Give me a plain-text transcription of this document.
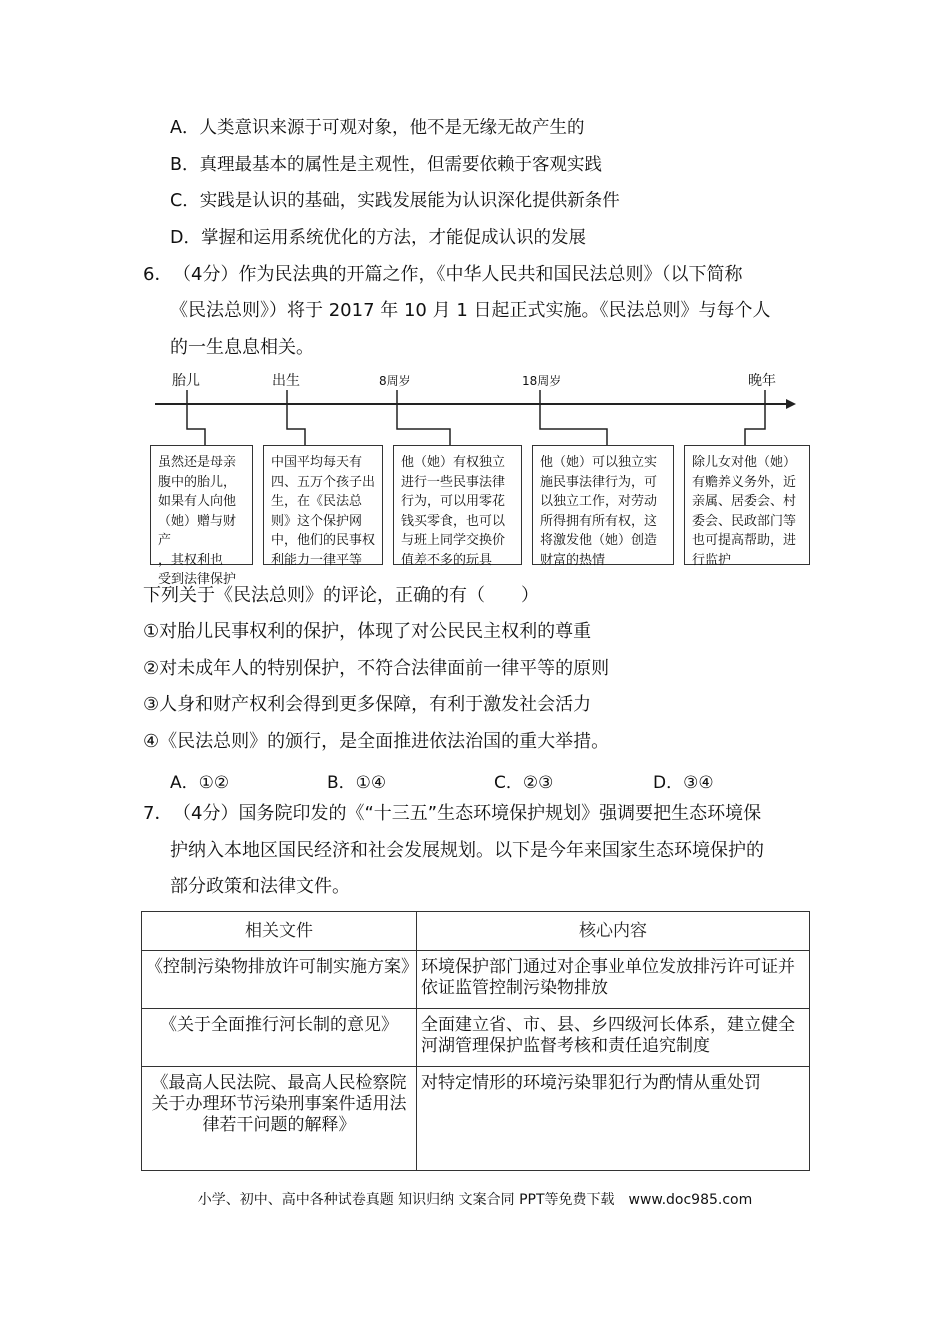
A．人类意识来源于可观对象，他不是无缘无故产生的
B．真理最基本的属性是主观性，但需要依赖于客观实践
C．实践是认识的基础，实践发展能为认识深化提供新条件
D．掌握和运用系统优化的方法，才能促成认识的发展
6．（4分）作为民法典的开篇之作，《中华人民共和国民法总则》（以下简称
《民法总则》）将于 2017 年 10 月 1 日起正式实施。《民法总则》与每个人
的一生息息相关。
胎儿	出生	8周岁	18周岁	晚年
虽然还是母亲
腹中的胎儿，
如果有人向他
（她）赠与财产
，其权利也
受到法律保护
中国平均每天有
四、五万个孩子出
生，在《民法总
则》这个保护网
中，他们的民事权
利能力一律平等
他（她）有权独立
进行一些民事法律
行为，可以用零花
钱买零食，也可以
与班上同学交换价
值差不多的玩具
他（她）可以独立实
施民事法律行为，可
以独立工作，对劳动
所得拥有所有权，这
将激发他（她）创造
财富的热情
除儿女对他（她）
有赡养义务外，近
亲属、居委会、村
委会、民政部门等
也可提高帮助，进
行监护
下列关于《民法总则》的评论，正确的有（　　）
①对胎儿民事权利的保护，体现了对公民民主权利的尊重
②对未成年人的特别保护，不符合法律面前一律平等的原则
③人身和财产权利会得到更多保障，有利于激发社会活力
④《民法总则》的颁行，是全面推进依法治国的重大举措。
A．①②	B．①④	C．②③	D．③④
7．（4分）国务院印发的《“十三五”生态环境保护规划》强调要把生态环境保
护纳入本地区国民经济和社会发展规划。以下是今年来国家生态环境保护的
部分政策和法律文件。
相关文件	核心内容

《控制污染物排放许可制实施方案》	环境保护部门通过对企事业单位发放排污许可证并依证监管控制污染物排放

《关于全面推行河长制的意见》	全面建立省、市、县、乡四级河长体系，建立健全河湖管理保护监督考核和责任追究制度

《最高人民法院、最高人民检察院关于办理环节污染刑事案件适用法律若干问题的解释》	对特定情形的环境污染罪犯行为酌情从重处罚
小学、初中、高中各种试卷真题 知识归纳 文案合同 PPT等免费下载　www.doc985.com
